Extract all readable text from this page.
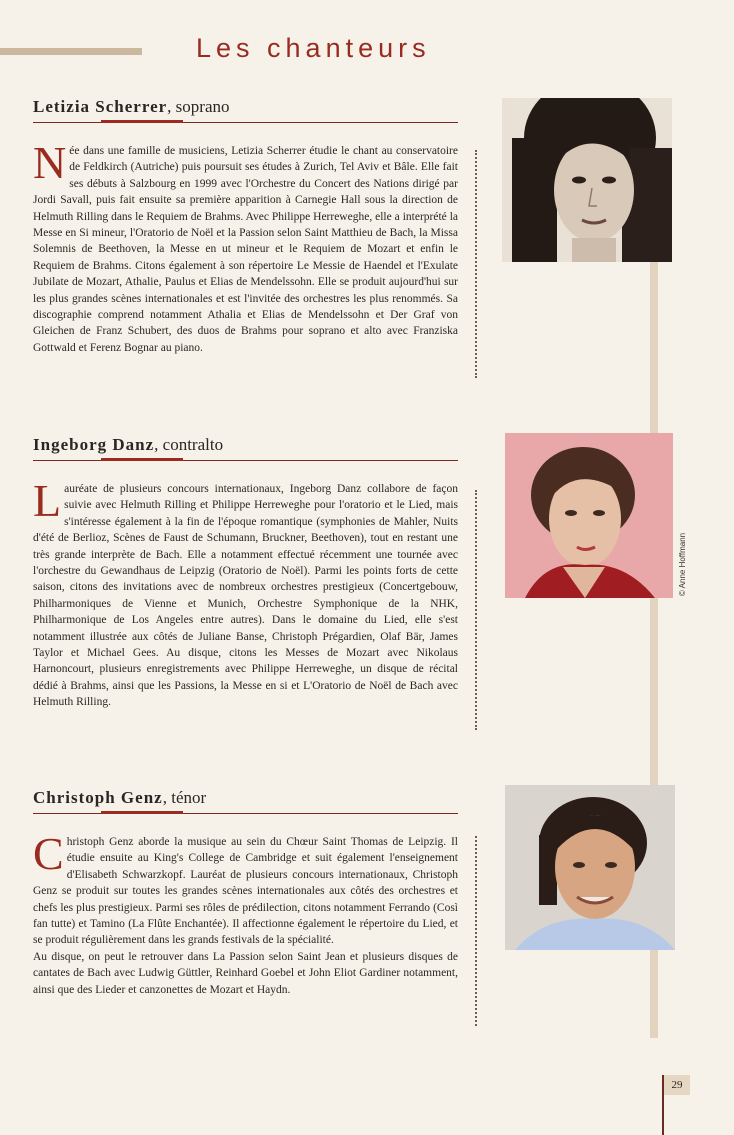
Les chanteurs
Letizia Scherrer, soprano
N ée dans une famille de musiciens, Letizia Scherrer étudie le chant au conservatoire de Feldkirch (Autriche) puis poursuit ses études à Zurich, Tel Aviv et Bâle. Elle fait ses débuts à Salzbourg en 1999 avec l'Orchestre du Concert des Nations dirigé par Jordi Savall, puis fait ensuite sa première apparition à Carnegie Hall sous la direction de Helmuth Rilling dans le Requiem de Brahms. Avec Philippe Herreweghe, elle a interprété la Messe en Si mineur, l'Oratorio de Noël et la Passion selon Saint Matthieu de Bach, la Missa Solemnis de Beethoven, la Messe en ut mineur et le Requiem de Mozart et enfin le Requiem de Brahms. Citons également à son répertoire Le Messie de Haendel et l'Exulate Jubilate de Mozart, Athalie, Paulus et Elias de Mendelssohn. Elle se produit aujourd'hui sur les plus grandes scènes internationales et est l'invitée des orchestres les plus renommés. Sa discographie comprend notamment Athalia et Elias de Mendelssohn et Der Graf von Gleichen de Franz Schubert, des duos de Brahms pour soprano et alto avec Franziska Gottwald et Ferenz Bognar au piano.

Ingeborg Danz, contralto
L auréate de plusieurs concours internationaux, Ingeborg Danz collabore de façon suivie avec Helmuth Rilling et Philippe Herreweghe pour l'oratorio et le Lied, mais s'intéresse également à la fin de l'époque romantique (symphonies de Mahler, Nuits d'été de Berlioz, Scènes de Faust de Schumann, Bruckner, Beethoven), tout en restant une très grande interprète de Bach. Elle a notamment effectué récemment une tournée avec l'orchestre du Gewandhaus de Leipzig (Oratorio de Noël). Parmi les points forts de cette saison, citons des invitations avec de nombreux orchestres prestigieux (Concertgebouw, Philharmoniques de Vienne et Munich, Orchestre Symphonique de la NHK, Philharmonique de Los Angeles entre autres). Dans le domaine du Lied, elle s'est notamment illustrée aux côtés de Juliane Banse, Christoph Prégardien, Olaf Bär, James Taylor et Michael Gees. Au disque, citons les Messes de Mozart avec Nikolaus Harnoncourt, plusieurs enregistrements avec Philippe Herreweghe, un disque de récital dédié à Brahms, ainsi que les Passions, la Messe en si et L'Oratorio de Noël de Bach avec Helmuth Rilling.

© Anne Hoffmann
Christoph Genz, ténor
C hristoph Genz aborde la musique au sein du Chœur Saint Thomas de Leipzig. Il étudie ensuite au King's College de Cambridge et suit également l'enseignement d'Elisabeth Schwarzkopf. Lauréat de plusieurs concours internationaux, Christoph Genz se produit sur toutes les grandes scènes internationales aux côtés des orchestres et chefs les plus prestigieux. Parmi ses rôles de prédilection, citons notamment Ferrando (Così fan tutte) et Tamino (La Flûte Enchantée). Il affectionne également le répertoire du Lied, et se produit régulièrement dans les grands festivals de la spécialité.

Au disque, on peut le retrouver dans La Passion selon Saint Jean et plusieurs disques de cantates de Bach avec Ludwig Güttler, Reinhard Goebel et John Eliot Gardiner notamment, ainsi que des Lieder et canzonettes de Mozart et Haydn.

29
